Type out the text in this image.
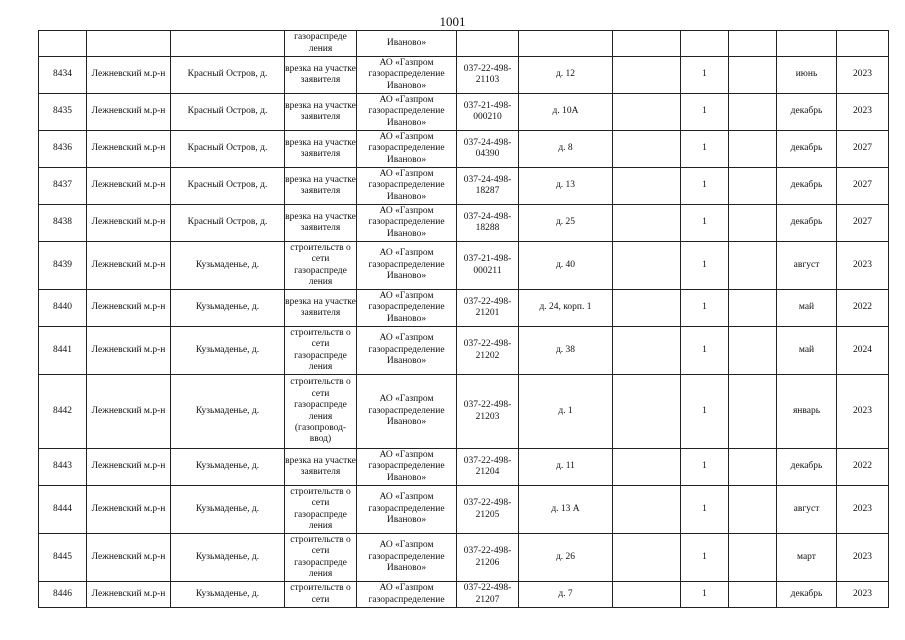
1001
			газораспреде ления	Иваново»							
8434	Лежневский м.р-н	Красный Остров, д.	врезка на участке заявителя	АО «Газпром газораспределение Иваново»	037-22-498-21103	д. 12		1		июнь	2023
8435	Лежневский м.р-н	Красный Остров, д.	врезка на участке заявителя	АО «Газпром газораспределение Иваново»	037-21-498-000210	д. 10А		1		декабрь	2023
8436	Лежневский м.р-н	Красный Остров, д.	врезка на участке заявителя	АО «Газпром газораспределение Иваново»	037-24-498-04390	д. 8		1		декабрь	2027
8437	Лежневский м.р-н	Красный Остров, д.	врезка на участке заявителя	АО «Газпром газораспределение Иваново»	037-24-498-18287	д. 13		1		декабрь	2027
8438	Лежневский м.р-н	Красный Остров, д.	врезка на участке заявителя	АО «Газпром газораспределение Иваново»	037-24-498-18288	д. 25		1		декабрь	2027
8439	Лежневский м.р-н	Кузьмаденье, д.	строительств о сети газораспреде ления	АО «Газпром газораспределение Иваново»	037-21-498-000211	д. 40		1		август	2023
8440	Лежневский м.р-н	Кузьмаденье, д.	врезка на участке заявителя	АО «Газпром газораспределение Иваново»	037-22-498-21201	д. 24, корп. 1		1		май	2022
8441	Лежневский м.р-н	Кузьмаденье, д.	строительств о сети газораспреде ления	АО «Газпром газораспределение Иваново»	037-22-498-21202	д. 38		1		май	2024
8442	Лежневский м.р-н	Кузьмаденье, д.	строительств о сети газораспреде ления (газопровод-ввод)	АО «Газпром газораспределение Иваново»	037-22-498-21203	д. 1		1		январь	2023
8443	Лежневский м.р-н	Кузьмаденье, д.	врезка на участке заявителя	АО «Газпром газораспределение Иваново»	037-22-498-21204	д. 11		1		декабрь	2022
8444	Лежневский м.р-н	Кузьмаденье, д.	строительств о сети газораспреде ления	АО «Газпром газораспределение Иваново»	037-22-498-21205	д. 13 А		1		август	2023
8445	Лежневский м.р-н	Кузьмаденье, д.	строительств о сети газораспреде ления	АО «Газпром газораспределение Иваново»	037-22-498-21206	д. 26		1		март	2023
8446	Лежневский м.р-н	Кузьмаденье, д.	строительств о сети	АО «Газпром газораспределение	037-22-498-21207	д. 7		1		декабрь	2023
